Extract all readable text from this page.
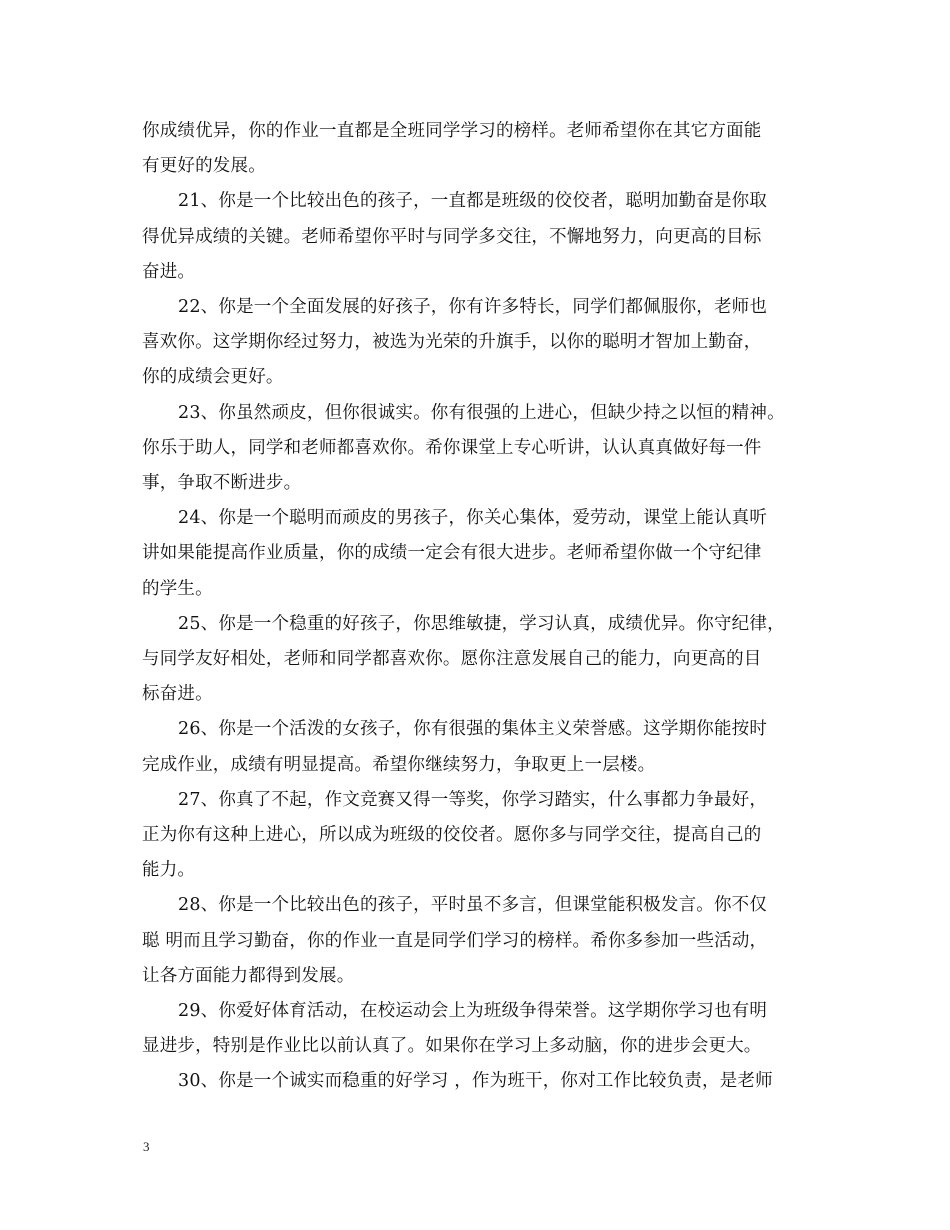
你成绩优异，你的作业一直都是全班同学学习的榜样。老师希望你在其它方面能
有更好的发展。

21、你是一个比较出色的孩子，一直都是班级的佼佼者，聪明加勤奋是你取
得优异成绩的关键。老师希望你平时与同学多交往，不懈地努力，向更高的目标
奋进。

22、你是一个全面发展的好孩子，你有许多特长，同学们都佩服你，老师也
喜欢你。这学期你经过努力，被选为光荣的升旗手，以你的聪明才智加上勤奋，
你的成绩会更好。

23、你虽然顽皮，但你很诚实。你有很强的上进心，但缺少持之以恒的精神。
你乐于助人，同学和老师都喜欢你。希你课堂上专心听讲，认认真真做好每一件
事，争取不断进步。

24、你是一个聪明而顽皮的男孩子，你关心集体，爱劳动，课堂上能认真听
讲如果能提高作业质量，你的成绩一定会有很大进步。老师希望你做一个守纪律
的学生。

25、你是一个稳重的好孩子，你思维敏捷，学习认真，成绩优异。你守纪律，
与同学友好相处，老师和同学都喜欢你。愿你注意发展自己的能力，向更高的目
标奋进。

26、你是一个活泼的女孩子，你有很强的集体主义荣誉感。这学期你能按时
完成作业，成绩有明显提高。希望你继续努力，争取更上一层楼。

27、你真了不起，作文竞赛又得一等奖，你学习踏实，什么事都力争最好，
正为你有这种上进心，所以成为班级的佼佼者。愿你多与同学交往，提高自己的
能力。

28、你是一个比较出色的孩子，平时虽不多言，但课堂能积极发言。你不仅
聪 明而且学习勤奋，你的作业一直是同学们学习的榜样。希你多参加一些活动，
让各方面能力都得到发展。

29、你爱好体育活动，在校运动会上为班级争得荣誉。这学期你学习也有明
显进步，特别是作业比以前认真了。如果你在学习上多动脑，你的进步会更大。

30、你是一个诚实而稳重的好学习 ，作为班干，你对工作比较负责，是老师

3
